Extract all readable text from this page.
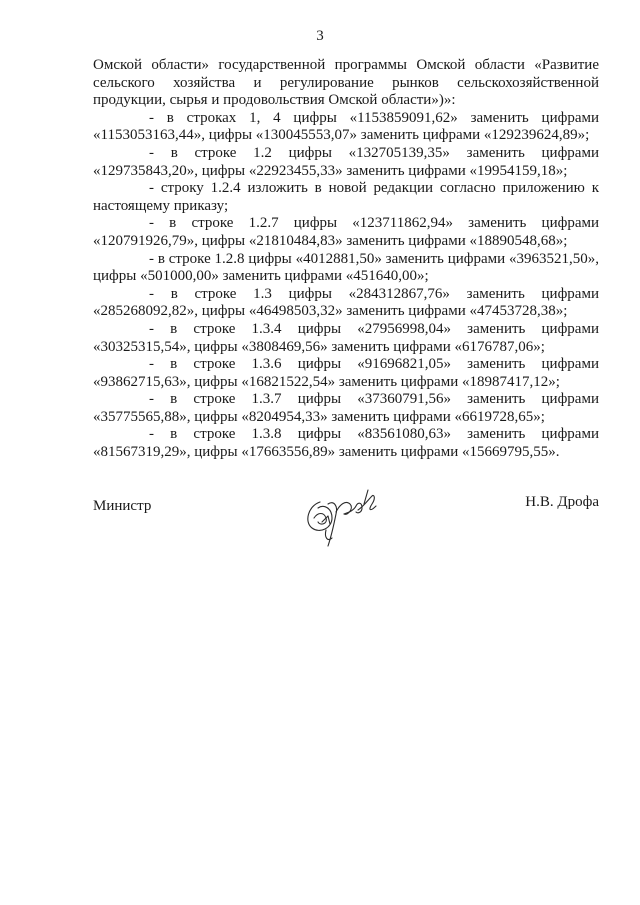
3

Омской области» государственной программы Омской области «Развитие сельского хозяйства и регулирование рынков сельскохозяйственной продукции, сырья и продовольствия Омской области»)»:

- в строках 1, 4 цифры «1153859091,62» заменить цифрами «1153053163,44», цифры «130045553,07» заменить цифрами «129239624,89»;

- в строке 1.2 цифры «132705139,35» заменить цифрами «129735843,20», цифры «22923455,33» заменить цифрами «19954159,18»;

- строку 1.2.4 изложить в новой редакции согласно приложению к настоящему приказу;

- в строке 1.2.7 цифры «123711862,94» заменить цифрами «120791926,79», цифры «21810484,83» заменить цифрами «18890548,68»;

- в строке 1.2.8 цифры «4012881,50» заменить цифрами «3963521,50», цифры «501000,00» заменить цифрами «451640,00»;

- в строке 1.3 цифры «284312867,76» заменить цифрами «285268092,82», цифры «46498503,32» заменить цифрами «47453728,38»;

- в строке 1.3.4 цифры «27956998,04» заменить цифрами «30325315,54», цифры «3808469,56» заменить цифрами «6176787,06»;

- в строке 1.3.6 цифры «91696821,05» заменить цифрами «93862715,63», цифры «16821522,54» заменить цифрами «18987417,12»;

- в строке 1.3.7 цифры «37360791,56» заменить цифрами «35775565,88», цифры «8204954,33» заменить цифрами «6619728,65»;

- в строке 1.3.8 цифры «83561080,63» заменить цифрами «81567319,29», цифры «17663556,89» заменить цифрами «15669795,55».

Министр	Н.В. Дрофа
